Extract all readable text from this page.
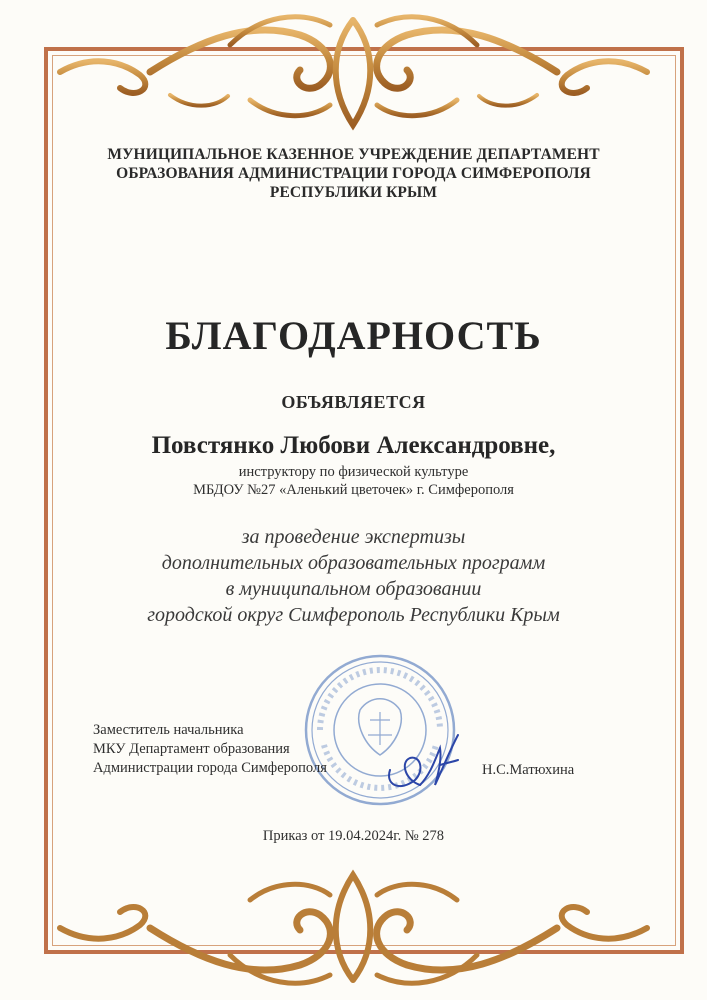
МУНИЦИПАЛЬНОЕ КАЗЕННОЕ УЧРЕЖДЕНИЕ ДЕПАРТАМЕНТ
ОБРАЗОВАНИЯ АДМИНИСТРАЦИИ ГОРОДА СИМФЕРОПОЛЯ
РЕСПУБЛИКИ КРЫМ
БЛАГОДАРНОСТЬ
ОБЪЯВЛЯЕТСЯ
Повстянко Любови Александровне,
инструктору по физической культуре
МБДОУ №27 «Аленький цветочек» г. Симферополя
за проведение экспертизы
дополнительных образовательных программ
в муниципальном образовании
городской округ Симферополь Республики Крым
Заместитель начальника
МКУ Департамент образования
Администрации города Симферополя	Н.С.Матюхина
Приказ от 19.04.2024г. № 278
